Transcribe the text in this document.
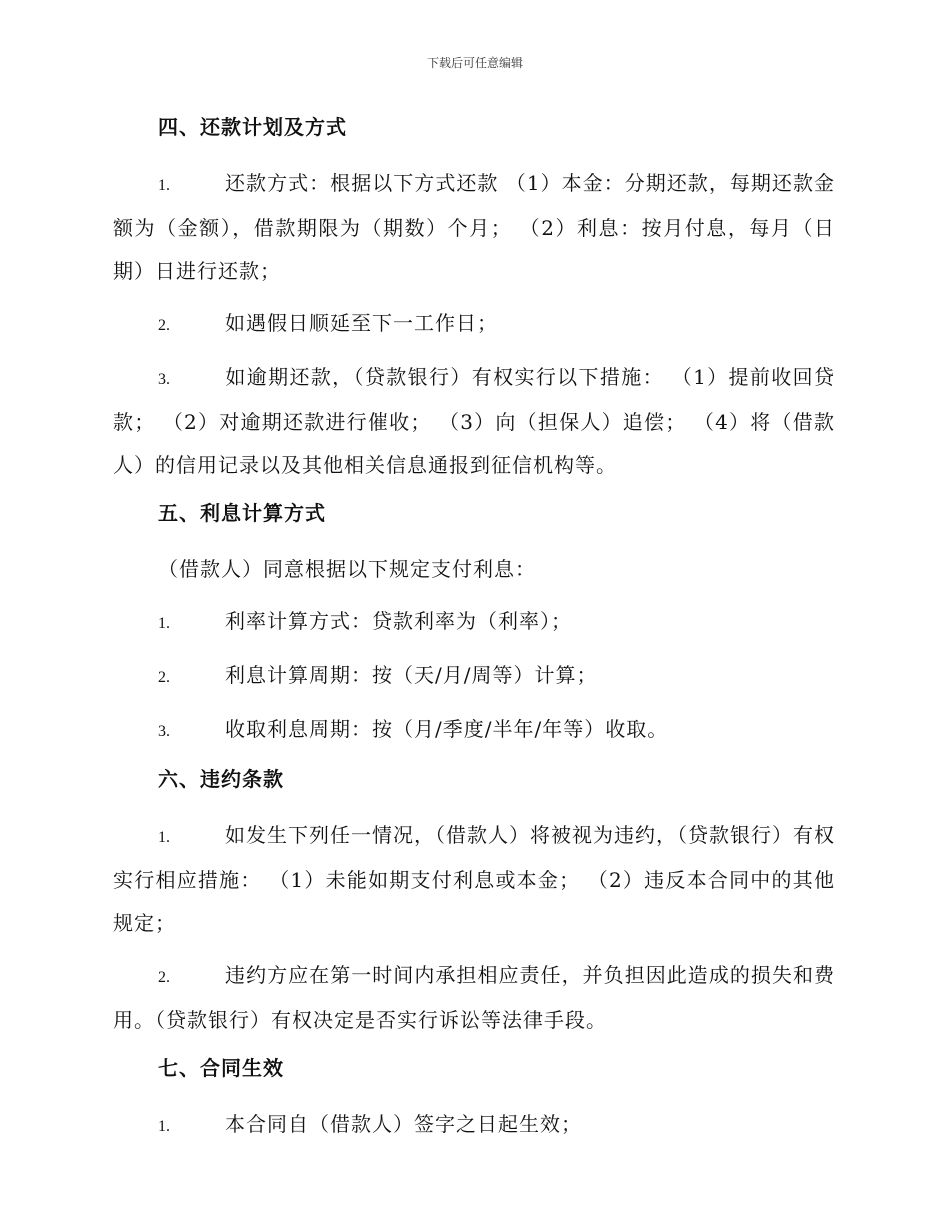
下载后可任意编辑
四、还款计划及方式
1.	还款方式：根据以下方式还款 （1）本金：分期还款，每期还款金额为（金额），借款期限为（期数）个月； （2）利息：按月付息，每月（日期）日进行还款；
2.	如遇假日顺延至下一工作日；
3.	如逾期还款，（贷款银行）有权实行以下措施： （1）提前收回贷款； （2）对逾期还款进行催收； （3）向（担保人）追偿； （4）将（借款人）的信用记录以及其他相关信息通报到征信机构等。
五、利息计算方式
（借款人）同意根据以下规定支付利息：
1.	利率计算方式：贷款利率为（利率）；
2.	利息计算周期：按（天/月/周等）计算；
3.	收取利息周期：按（月/季度/半年/年等）收取。
六、违约条款
1.	如发生下列任一情况，（借款人）将被视为违约，（贷款银行）有权实行相应措施： （1）未能如期支付利息或本金； （2）违反本合同中的其他规定；
2.	违约方应在第一时间内承担相应责任，并负担因此造成的损失和费用。（贷款银行）有权决定是否实行诉讼等法律手段。
七、合同生效
1.	本合同自（借款人）签字之日起生效；
